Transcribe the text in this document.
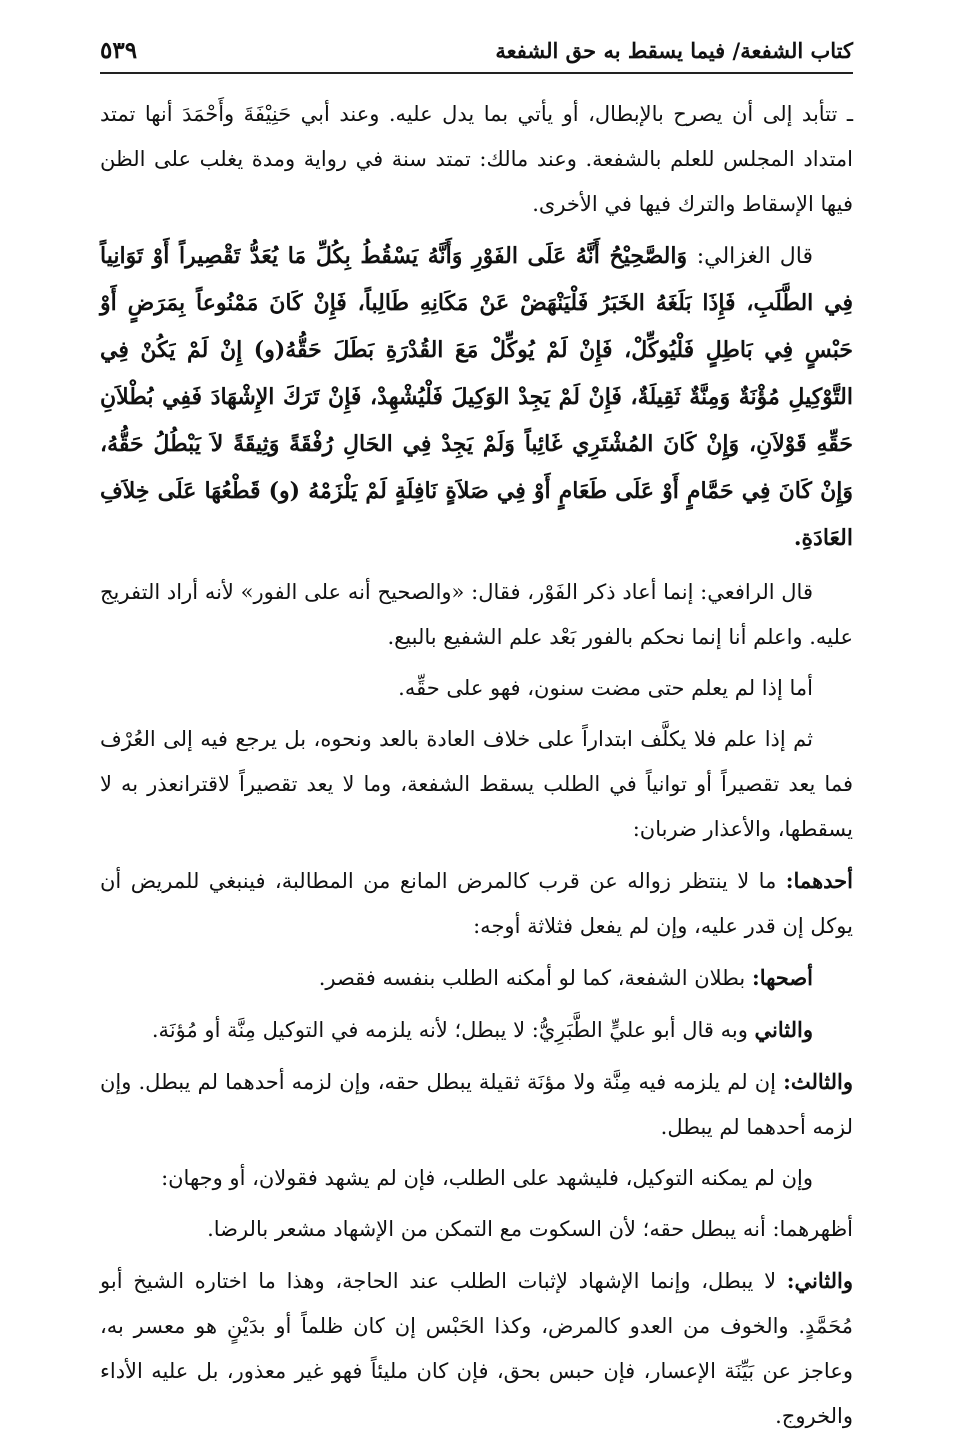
كتاب الشفعة/ فيما يسقط به حق الشفعة
٥٣٩

ـ تتأبد إلى أن يصرح بالإبطال، أو يأتي بما يدل عليه. وعند أبي حَنِيْفَةَ وأَحْمَدَ أنها تمتد امتداد المجلس للعلم بالشفعة. وعند مالك: تمتد سنة في رواية ومدة يغلب على الظن فيها الإسقاط والترك فيها في الأخرى.

قال الغزالي: وَالصَّحِيْحُ أَنَّهُ عَلَى الفَوْرِ وَأَنَّهُ يَسْقُطُ بِكُلِّ مَا يُعَدُّ تَقْصِيراً أَوْ تَوَانِياً فِي الطَّلَبِ، فَإِذَا بَلَغَهُ الخَبَرُ فَلْيَنْهَضْ عَنْ مَكَانِهِ طَالِباً، فَإِنْ كَانَ مَمْنُوعاً بِمَرَضٍ أَوْ حَبْسٍ فِي بَاطِلٍ فَلْيُوكِّلْ، فَإِنْ لَمْ يُوكِّلْ مَعَ القُدْرَةِ بَطَلَ حَقُّهُ(و) إِنْ لَمْ يَكُنْ فِي التَّوْكِيلِ مُؤْنَةٌ وَمِنَّةٌ ثَقِيلَةٌ، فَإِنْ لَمْ يَجِدْ الوَكِيلَ فَلْيُشْهِدْ، فَإِنْ تَرَكَ الإِشْهَادَ فَفِي بُطْلاَنِ حَقِّهِ قَوْلاَنِ، وَإِنْ كَانَ المُشْتَرِي غَائِباً وَلَمْ يَجِدْ فِي الحَالِ رُفْقَةً وَثِيقَةً لاَ يَبْطُلُ حَقُّهُ، وَإِنْ كَانَ فِي حَمَّامٍ أَوْ عَلَى طَعَامٍ أَوْ فِي صَلاَةٍ نَافِلَةٍ لَمْ يَلْزَمْهُ (و) قَطْعُهَا عَلَى خِلاَفِ العَادَةِ.

قال الرافعي: إنما أعاد ذكر الفَوْر، فقال: «والصحيح أنه على الفور» لأنه أراد التفريج عليه. واعلم أنا إنما نحكم بالفور بَعْد علم الشفيع بالبيع.

أما إذا لم يعلم حتى مضت سنون، فهو على حقِّه.

ثم إذا علم فلا يكلَّف ابتداراً على خلاف العادة بالعد ونحوه، بل يرجع فيه إلى العُرْف فما يعد تقصيراً أو توانياً في الطلب يسقط الشفعة، وما لا يعد تقصيراً لاقترانعذر به لا يسقطها، والأعذار ضربان:

أحدهما: ما لا ينتظر زواله عن قرب كالمرض المانع من المطالبة، فينبغي للمريض أن يوكل إن قدر عليه، وإن لم يفعل فثلاثة أوجه:

أصحها: بطلان الشفعة، كما لو أمكنه الطلب بنفسه فقصر.

والثاني وبه قال أبو عليٍّ الطَّبَرِيُّ: لا يبطل؛ لأنه يلزمه في التوكيل مِنَّة أو مُؤنَة.

والثالث: إن لم يلزمه فيه مِنَّة ولا مؤنَة ثقيلة يبطل حقه، وإن لزمه أحدهما لم يبطل. وإن لزمه أحدهما لم يبطل.

وإن لم يمكنه التوكيل، فليشهد على الطلب، فإن لم يشهد فقولان، أو وجهان:

أظهرهما: أنه يبطل حقه؛ لأن السكوت مع التمكن من الإشهاد مشعر بالرضا.

والثاني: لا يبطل، وإنما الإشهاد لإثبات الطلب عند الحاجة، وهذا ما اختاره الشيخ أبو مُحَمَّدٍ. والخوف من العدو كالمرض، وكذا الحَبْس إن كان ظلماً أو بدَيْنٍ هو معسر به، وعاجز عن بَيِّنَة الإعسار، فإن حبس بحق، فإن كان مليئاً فهو غير معذور، بل عليه الأداء والخروج.
